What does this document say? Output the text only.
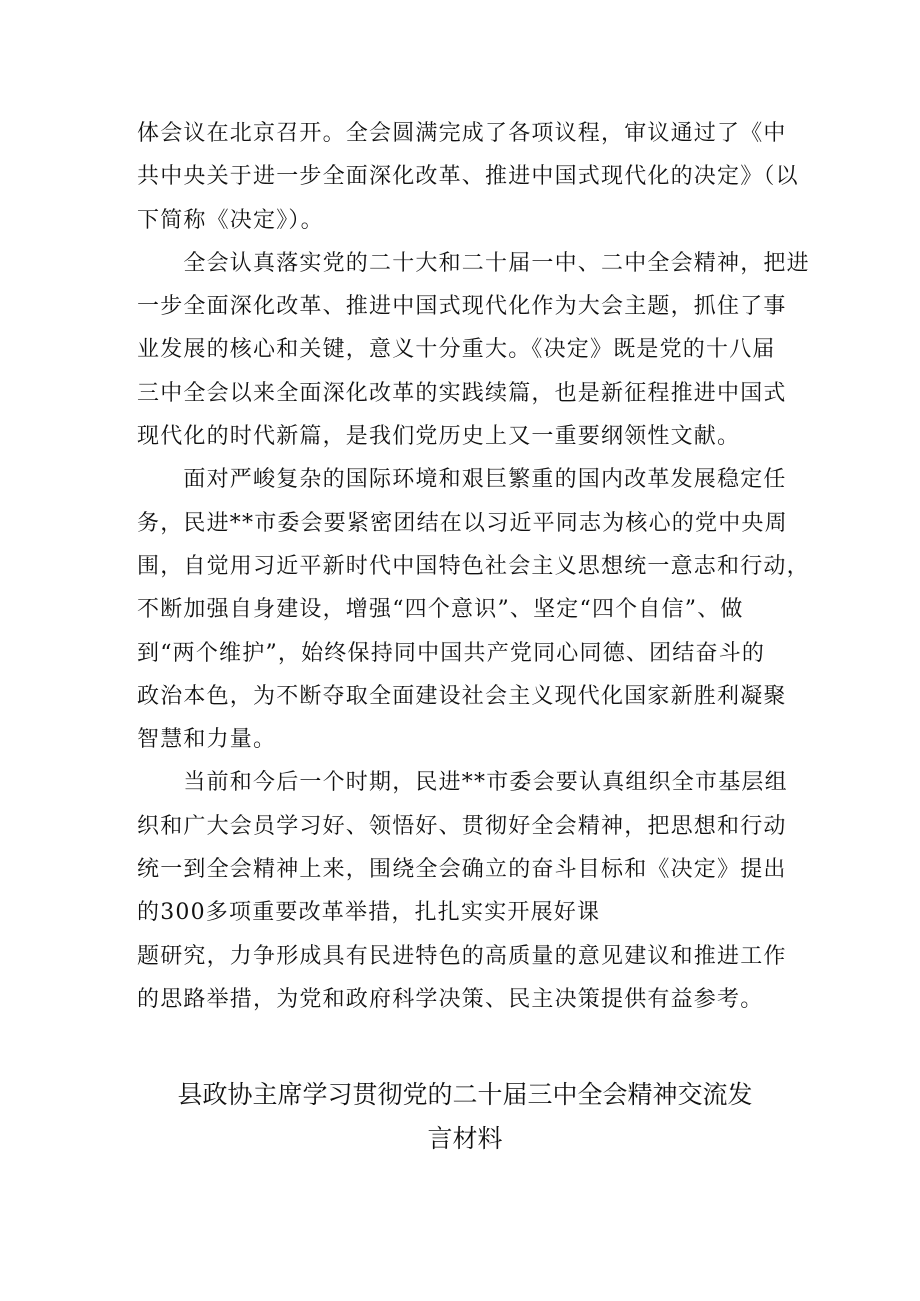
体会议在北京召开。全会圆满完成了各项议程，审议通过了《中
共中央关于进一步全面深化改革、推进中国式现代化的决定》（以
下简称《决定》）。
　　全会认真落实党的二十大和二十届一中、二中全会精神，把进
一步全面深化改革、推进中国式现代化作为大会主题，抓住了事
业发展的核心和关键，意义十分重大。《决定》既是党的十八届
三中全会以来全面深化改革的实践续篇，也是新征程推进中国式
现代化的时代新篇，是我们党历史上又一重要纲领性文献。
　　面对严峻复杂的国际环境和艰巨繁重的国内改革发展稳定任
务，民进**市委会要紧密团结在以习近平同志为核心的党中央周
围，自觉用习近平新时代中国特色社会主义思想统一意志和行动，
不断加强自身建设，增强“四个意识”、坚定“四个自信”、做
到“两个维护”，始终保持同中国共产党同心同德、团结奋斗的
政治本色，为不断夺取全面建设社会主义现代化国家新胜利凝聚
智慧和力量。
　　当前和今后一个时期，民进**市委会要认真组织全市基层组
织和广大会员学习好、领悟好、贯彻好全会精神，把思想和行动
统一到全会精神上来，围绕全会确立的奋斗目标和《决定》提出
的300多项重要改革举措，扎扎实实开展好课
题研究，力争形成具有民进特色的高质量的意见建议和推进工作
的思路举措，为党和政府科学决策、民主决策提供有益参考。
县政协主席学习贯彻党的二十届三中全会精神交流发
言材料
